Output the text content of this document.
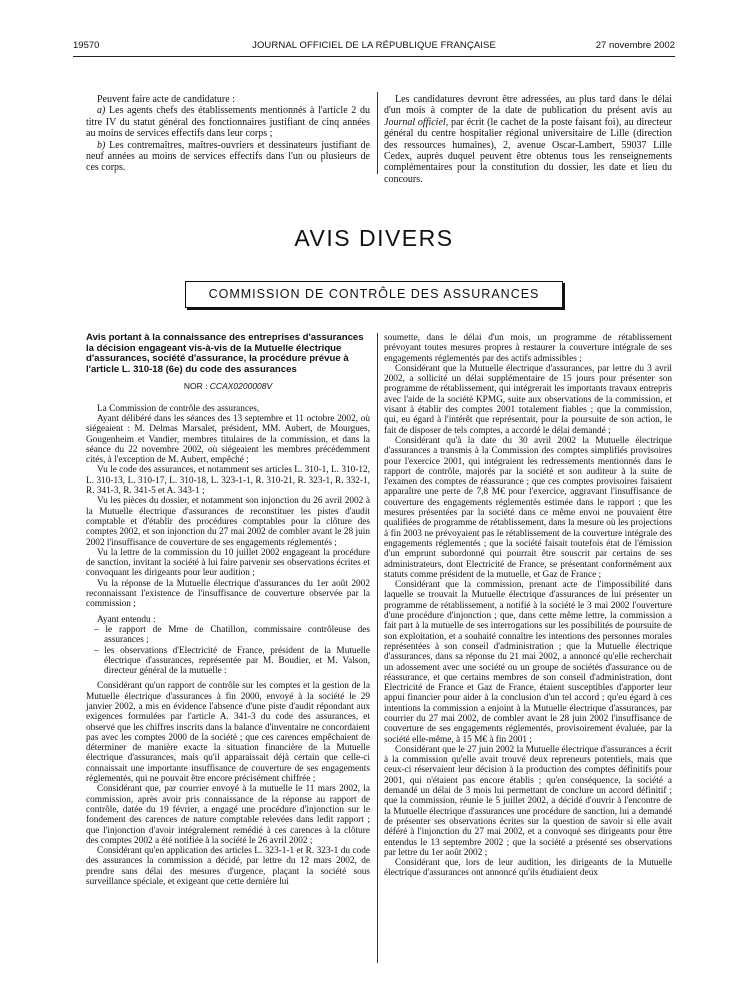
19570	JOURNAL OFFICIEL DE LA RÉPUBLIQUE FRANÇAISE	27 novembre 2002

Peuvent faire acte de candidature :

a) Les agents chefs des établissements mentionnés à l'article 2 du titre IV du statut général des fonctionnaires justifiant de cinq années au moins de services effectifs dans leur corps ;

b) Les contremaîtres, maîtres-ouvriers et dessinateurs justifiant de neuf années au moins de services effectifs dans l'un ou plusieurs de ces corps.

Les candidatures devront être adressées, au plus tard dans le délai d'un mois à compter de la date de publication du présent avis au Journal officiel, par écrit (le cachet de la poste faisant foi), au directeur général du centre hospitalier régional universitaire de Lille (direction des ressources humaines), 2, avenue Oscar-Lambert, 59037 Lille Cedex, auprès duquel peuvent être obtenus tous les renseignements complémentaires pour la constitution du dossier, les date et lieu du concours.

AVIS DIVERS
COMMISSION DE CONTRÔLE DES ASSURANCES
Avis portant à la connaissance des entreprises d'assurances la décision engageant vis-à-vis de la Mutuelle électrique d'assurances, société d'assurance, la procédure prévue à l'article L. 310-18 (6e) du code des assurances
NOR : CCAX0200008V

La Commission de contrôle des assurances,

Ayant délibéré dans les séances des 13 septembre et 11 octobre 2002, où siégeaient : M. Delmas Marsalet, président, MM. Aubert, de Mourgues, Gougenheim et Vandier, membres titulaires de la commission, et dans la séance du 22 novembre 2002, où siégeaient les membres précédemment cités, à l'exception de M. Aubert, empêché ;

Vu le code des assurances, et notamment ses articles L. 310-1, L. 310-12, L. 310-13, L. 310-17, L. 310-18, L. 323-1-1, R. 310-21, R. 323-1, R. 332-1, R. 341-3, R. 341-5 et A. 343-1 ;

Vu les pièces du dossier, et notamment son injonction du 26 avril 2002 à la Mutuelle électrique d'assurances de reconstituer les pistes d'audit comptable et d'établir des procédures comptables pour la clôture des comptes 2002, et son injonction du 27 mai 2002 de combler avant le 28 juin 2002 l'insuffisance de couverture de ses engagements réglementés ;

Vu la lettre de la commission du 10 juillet 2002 engageant la procédure de sanction, invitant la société à lui faire parvenir ses observations écrites et convoquant les dirigeants pour leur audition ;

Vu la réponse de la Mutuelle électrique d'assurances du 1er août 2002 reconnaissant l'existence de l'insuffisance de couverture observée par la commission ;

Ayant entendu :

– le rapport de Mme de Chatillon, commissaire contrôleuse des assurances ;
– les observations d'Electricité de France, président de la Mutuelle électrique d'assurances, représentée par M. Boudier, et M. Valson, directeur général de la mutuelle :

Considérant qu'un rapport de contrôle sur les comptes et la gestion de la Mutuelle électrique d'assurances à fin 2000, envoyé à la société le 29 janvier 2002, a mis en évidence l'absence d'une piste d'audit répondant aux exigences formulées par l'article A. 341-3 du code des assurances, et observé que les chiffres inscrits dans la balance d'inventaire ne concordaient pas avec les comptes 2000 de la société ; que ces carences empêchaient de déterminer de manière exacte la situation financière de la Mutuelle électrique d'assurances, mais qu'il apparaissait déjà certain que celle-ci connaissait une importante insuffisance de couverture de ses engagements réglementés, qui ne pouvait être encore précisément chiffrée ;

Considérant que, par courrier envoyé à la mutuelle le 11 mars 2002, la commission, après avoir pris connaissance de la réponse au rapport de contrôle, datée du 19 février, a engagé une procédure d'injonction sur le fondement des carences de nature comptable relevées dans ledit rapport ; que l'injonction d'avoir intégralement remédié à ces carences à la clôture des comptes 2002 a été notifiée à la société le 26 avril 2002 ;

Considérant qu'en application des articles L. 323-1-1 et R. 323-1 du code des assurances la commission a décidé, par lettre du 12 mars 2002, de prendre sans délai des mesures d'urgence, plaçant la société sous surveillance spéciale, et exigeant que cette dernière lui

soumette, dans le délai d'un mois, un programme de rétablissement prévoyant toutes mesures propres à restaurer la couverture intégrale de ses engagements réglementés par des actifs admissibles ;

Considérant que la Mutuelle électrique d'assurances, par lettre du 3 avril 2002, a sollicité un délai supplémentaire de 15 jours pour présenter son programme de rétablissement, qui intégrerait les importants travaux entrepris avec l'aide de la société KPMG, suite aux observations de la commission, et visant à établir des comptes 2001 totalement fiables ; que la commission, qui, eu égard à l'intérêt que représentait, pour la poursuite de son action, le fait de disposer de tels comptes, a accordé le délai demandé ;

Considérant qu'à la date du 30 avril 2002 la Mutuelle électrique d'assurances a transmis à la Commission des comptes simplifiés provisoires pour l'exercice 2001, qui intégraient les redressements mentionnés dans le rapport de contrôle, majorés par la société et son auditeur à la suite de l'examen des comptes de réassurance ; que ces comptes provisoires faisaient apparaître une perte de 7,8 M€ pour l'exercice, aggravant l'insuffisance de couverture des engagements réglementés estimée dans le rapport ; que les mesures présentées par la société dans ce même envoi ne pouvaient être qualifiées de programme de rétablissement, dans la mesure où les projections à fin 2003 ne prévoyaient pas le rétablissement de la couverture intégrale des engagements réglementés ; que la société faisait toutefois état de l'émission d'un emprunt subordonné qui pourrait être souscrit par certains de ses administrateurs, dont Electricité de France, se présentant conformément aux statuts comme président de la mutuelle, et Gaz de France ;

Considérant que la commission, prenant acte de l'impossibilité dans laquelle se trouvait la Mutuelle électrique d'assurances de lui présenter un programme de rétablissement, a notifié à la société le 3 mai 2002 l'ouverture d'une procédure d'injonction ; que, dans cette même lettre, la commission a fait part à la mutuelle de ses interrogations sur les possibilités de poursuite de son exploitation, et a souhaité connaître les intentions des personnes morales représentées à son conseil d'administration ; que la Mutuelle électrique d'assurances, dans sa réponse du 21 mai 2002, a annoncé qu'elle recherchait un adossement avec une société ou un groupe de sociétés d'assurance ou de réassurance, et que certains membres de son conseil d'administration, dont Electricité de France et Gaz de France, étaient susceptibles d'apporter leur appui financier pour aider à la conclusion d'un tel accord ; qu'eu égard à ces intentions la commission a enjoint à la Mutuelle électrique d'assurances, par courrier du 27 mai 2002, de combler avant le 28 juin 2002 l'insuffisance de couverture de ses engagements réglementés, provisoirement évaluée, par la société elle-même, à 15 M€ à fin 2001 ;

Considérant que le 27 juin 2002 la Mutuelle électrique d'assurances a écrit à la commission qu'elle avait trouvé deux repreneurs potentiels, mais que ceux-ci réservaient leur décision à la production des comptes définitifs pour 2001, qui n'étaient pas encore établis ; qu'en conséquence, la société a demandé un délai de 3 mois lui permettant de conclure un accord définitif ; que la commission, réunie le 5 juillet 2002, a décidé d'ouvrir à l'encontre de la Mutuelle électrique d'assurances une procédure de sanction, lui a demandé de présenter ses observations écrites sur la question de savoir si elle avait déféré à l'injonction du 27 mai 2002, et a convoqué ses dirigeants pour être entendus le 13 septembre 2002 ; que la société a présenté ses observations par lettre du 1er août 2002 ;

Considérant que, lors de leur audition, les dirigeants de la Mutuelle électrique d'assurances ont annoncé qu'ils étudiaient deux
